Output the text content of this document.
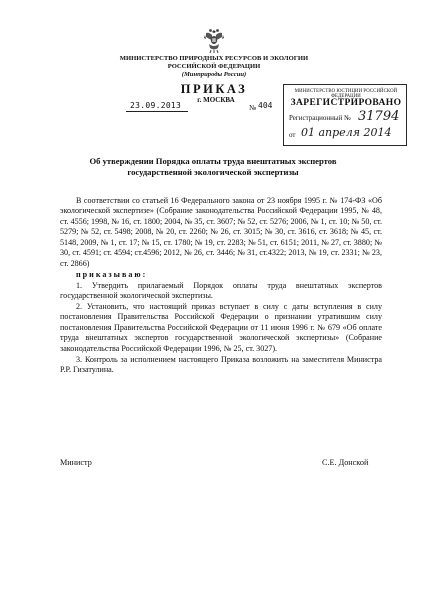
МИНИСТЕРСТВО ПРИРОДНЫХ РЕСУРСОВ И ЭКОЛОГИИ
РОССИЙСКОЙ ФЕДЕРАЦИИ
(Минприроды России)
ПРИКАЗ
г. МОСКВА
23.09.2013	№ 404
МИНИСТЕРСТВО ЮСТИЦИИ РОССИЙСКОЙ ФЕДЕРАЦИИ
ЗАРЕГИСТРИРОВАНО
Регистрационный № 31794
от 01 апреля 2014
Об утверждении Порядка оплаты труда внештатных экспертов
государственной экологической экспертизы

В соответствии со статьей 16 Федерального закона от 23 ноября 1995 г. № 174-ФЗ «Об экологической экспертизе» (Собрание законодательства Российской Федерации 1995, № 48, ст. 4556; 1998, № 16, ст. 1800; 2004, № 35, ст. 3607; № 52, ст. 5276; 2006, № 1, ст. 10; № 50, ст. 5279; № 52, ст. 5498; 2008, № 20, ст. 2260; № 26, ст. 3015; № 30, ст. 3616, ст. 3618; № 45, ст. 5148, 2009, № 1, ст. 17; № 15, ст. 1780; № 19, ст. 2283; № 51, ст. 6151; 2011, № 27, ст. 3880; № 30, ст. 4591; ст. 4594; ст.4596; 2012, № 26, ст. 3446; № 31, ст.4322; 2013, № 19, ст. 2331; № 23, ст. 2866)

приказываю:

1. Утвердить прилагаемый Порядок оплаты труда внештатных экспертов государственной экологической экспертизы.

2. Установить, что настоящий приказ вступает в силу с даты вступления в силу постановления Правительства Российской Федерации о признании утратившим силу постановления Правительства Российской Федерации от 11 июня 1996 г. № 679 «Об оплате труда внештатных экспертов государственной экологической экспертизы» (Собрание законодательства Российской Федерации 1996, № 25, ст. 3027).

3. Контроль за исполнением настоящего Приказа возложить на заместителя Министра Р.Р. Гизатулина.

Министр	С.Е. Донской
